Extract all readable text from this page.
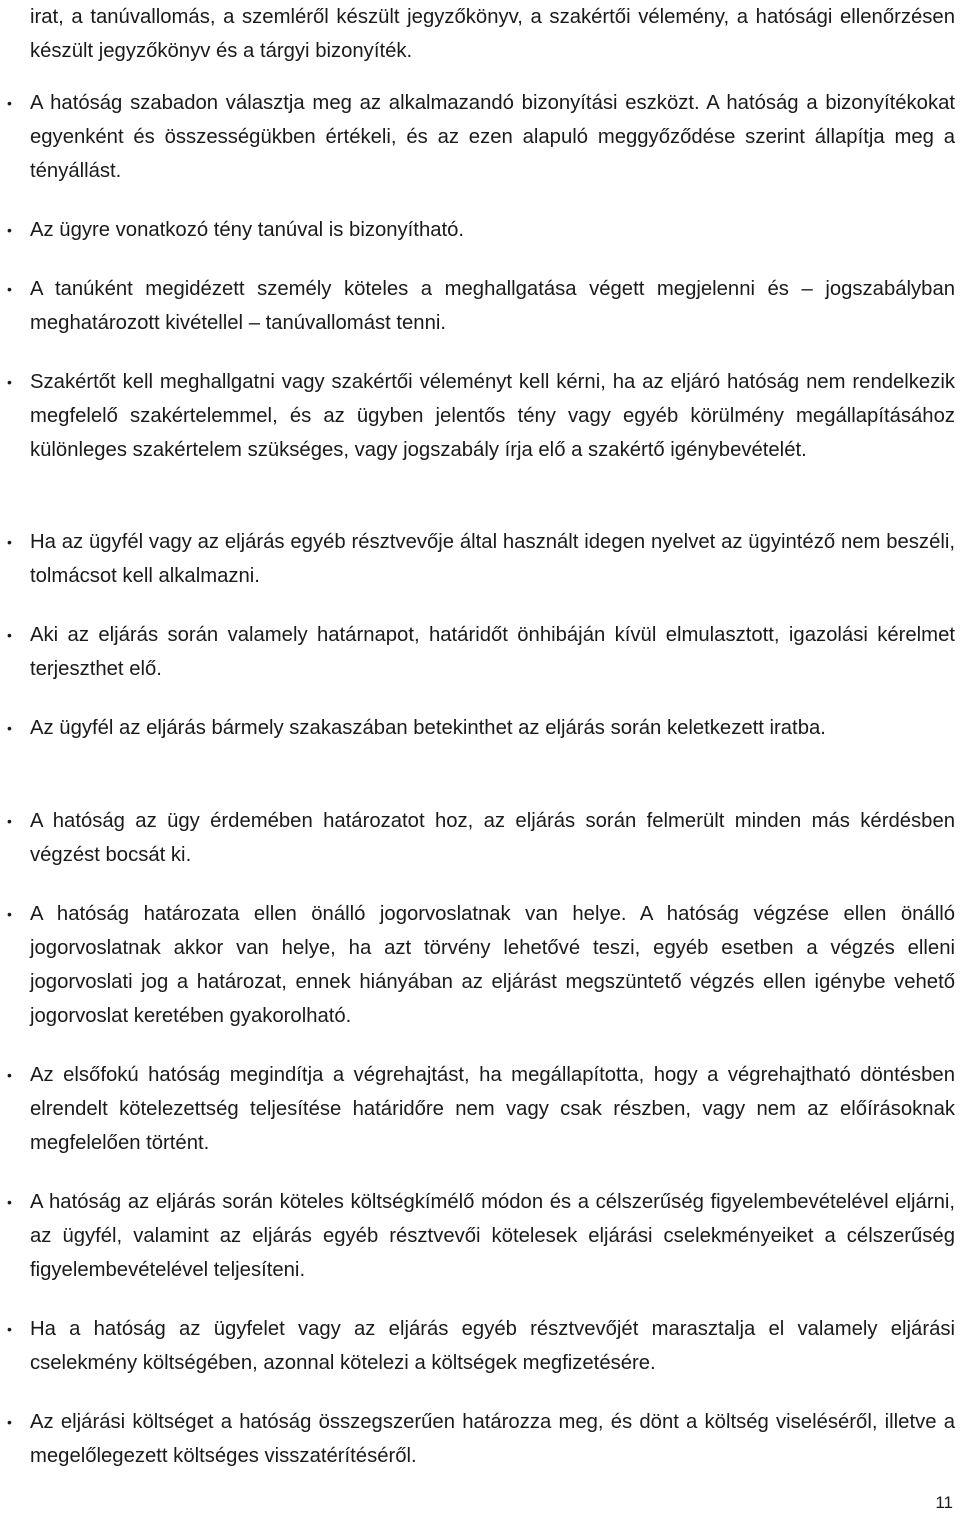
irat, a tanúvallomás, a szemléről készült jegyzőkönyv, a szakértői vélemény, a hatósági ellenőrzésen készült jegyzőkönyv és a tárgyi bizonyíték.

• A hatóság szabadon választja meg az alkalmazandó bizonyítási eszközt. A hatóság a bizonyítékokat egyenként és összességükben értékeli, és az ezen alapuló meggyőződése szerint állapítja meg a tényállást.
• Az ügyre vonatkozó tény tanúval is bizonyítható.
• A tanúként megidézett személy köteles a meghallgatása végett megjelenni és – jogszabályban meghatározott kivétellel – tanúvallomást tenni.
• Szakértőt kell meghallgatni vagy szakértői véleményt kell kérni, ha az eljáró hatóság nem rendelkezik megfelelő szakértelemmel, és az ügyben jelentős tény vagy egyéb körülmény megállapításához különleges szakértelem szükséges, vagy jogszabály írja elő a szakértő igénybevételét.
• Ha az ügyfél vagy az eljárás egyéb résztvevője által használt idegen nyelvet az ügyintéző nem beszéli, tolmácsot kell alkalmazni.
• Aki az eljárás során valamely határnapot, határidőt önhibáján kívül elmulasztott, igazolási kérelmet terjeszthet elő.
• Az ügyfél az eljárás bármely szakaszában betekinthet az eljárás során keletkezett iratba.
• A hatóság az ügy érdemében határozatot hoz, az eljárás során felmerült minden más kérdésben végzést bocsát ki.
• A hatóság határozata ellen önálló jogorvoslatnak van helye. A hatóság végzése ellen önálló jogorvoslatnak akkor van helye, ha azt törvény lehetővé teszi, egyéb esetben a végzés elleni jogorvoslati jog a határozat, ennek hiányában az eljárást megszüntető végzés ellen igénybe vehető jogorvoslat keretében gyakorolható.
• Az elsőfokú hatóság megindítja a végrehajtást, ha megállapította, hogy a végrehajtható döntésben elrendelt kötelezettség teljesítése határidőre nem vagy csak részben, vagy nem az előírásoknak megfelelően történt.
• A hatóság az eljárás során köteles költségkímélő módon és a célszerűség figyelembevételével eljárni, az ügyfél, valamint az eljárás egyéb résztvevői kötelesek eljárási cselekményeiket a célszerűség figyelembevételével teljesíteni.
• Ha a hatóság az ügyfelet vagy az eljárás egyéb résztvevőjét marasztalja el valamely eljárási cselekmény költségében, azonnal kötelezi a költségek megfizetésére.
• Az eljárási költséget a hatóság összegszerűen határozza meg, és dönt a költség viseléséről, illetve a megelőlegezett költséges visszatérítéséről.
11
